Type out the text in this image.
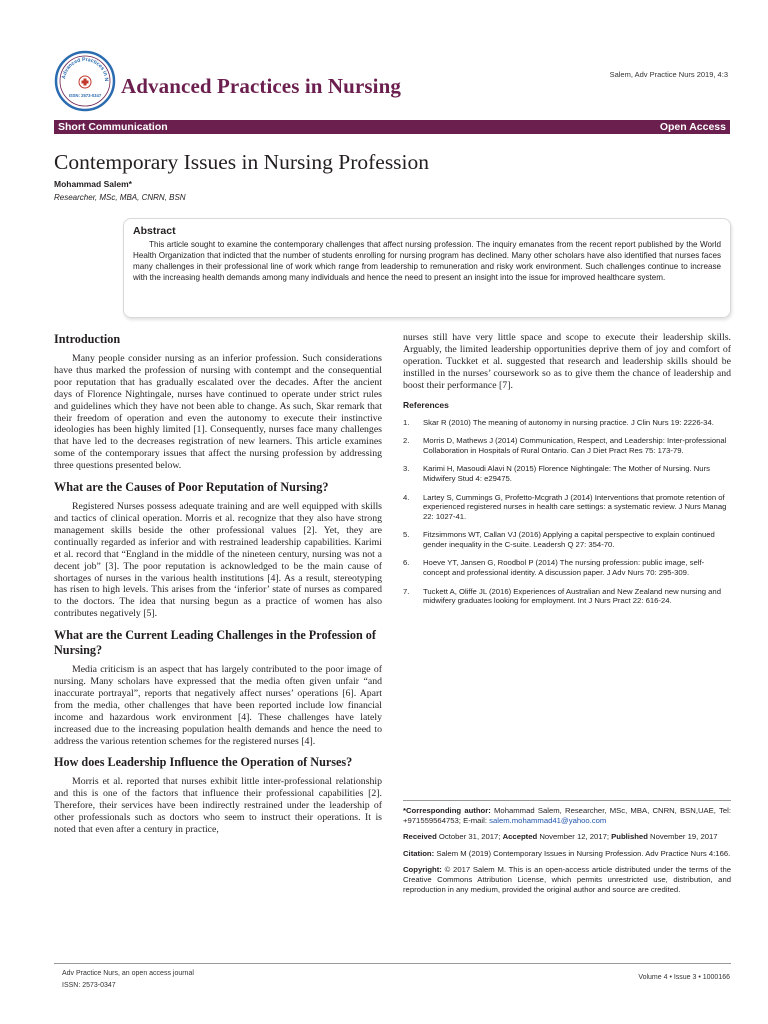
Advanced Practices in N
ISSN: 2573-0347 Advanced Practices in Nursing	Salem, Adv Practice Nurs 2019, 4:3
Short Communication	Open Access
Contemporary Issues in Nursing Profession
Mohammad Salem*
Researcher, MSc, MBA, CNRN, BSN
Abstract

This article sought to examine the contemporary challenges that affect nursing profession. The inquiry emanates from the recent report published by the World Health Organization that indicted that the number of students enrolling for nursing program has declined. Many other scholars have also identified that nurses faces many challenges in their professional line of work which range from leadership to remuneration and risky work environment. Such challenges continue to increase with the increasing health demands among many individuals and hence the need to present an insight into the issue for improved healthcare system.

Introduction

Many people consider nursing as an inferior profession. Such considerations have thus marked the profession of nursing with contempt and the consequential poor reputation that has gradually escalated over the decades. After the ancient days of Florence Nightingale, nurses have continued to operate under strict rules and guidelines which they have not been able to change. As such, Skar remark that their freedom of operation and even the autonomy to execute their instinctive ideologies has been highly limited [1]. Consequently, nurses face many challenges that have led to the decreases registration of new learners. This article examines some of the contemporary issues that affect the nursing profession by addressing three questions presented below.

What are the Causes of Poor Reputation of Nursing?

Registered Nurses possess adequate training and are well equipped with skills and tactics of clinical operation. Morris et al. recognize that they also have strong management skills beside the other professional values [2]. Yet, they are continually regarded as inferior and with restrained leadership capabilities. Karimi et al. record that “England in the middle of the nineteen century, nursing was not a decent job” [3]. The poor reputation is acknowledged to be the main cause of shortages of nurses in the various health institutions [4]. As a result, stereotyping has risen to high levels. This arises from the ‘inferior’ state of nurses as compared to the doctors. The idea that nursing begun as a practice of women has also contributes negatively [5].

What are the Current Leading Challenges in the Profession of Nursing?

Media criticism is an aspect that has largely contributed to the poor image of nursing. Many scholars have expressed that the media often given unfair “and inaccurate portrayal”, reports that negatively affect nurses’ operations [6]. Apart from the media, other challenges that have been reported include low financial income and hazardous work environment [4]. These challenges have lately increased due to the increasing population health demands and hence the need to address the various retention schemes for the registered nurses [4].

How does Leadership Influence the Operation of Nurses?

Morris et al. reported that nurses exhibit little inter-professional relationship and this is one of the factors that influence their professional capabilities [2]. Therefore, their services have been indirectly restrained under the leadership of other professionals such as doctors who seem to instruct their operations. It is noted that even after a century in practice,

nurses still have very little space and scope to execute their leadership skills. Arguably, the limited leadership opportunities deprive them of joy and comfort of operation. Tuckket et al. suggested that research and leadership skills should be instilled in the nurses’ coursework so as to give them the chance of leadership and boost their performance [7].

References
1. Skar R (2010) The meaning of autonomy in nursing practice. J Clin Nurs 19: 2226-34.
2. Morris D, Mathews J (2014) Communication, Respect, and Leadership: Inter-professional Collaboration in Hospitals of Rural Ontario. Can J Diet Pract Res 75: 173-79.
3. Karimi H, Masoudi Alavi N (2015) Florence Nightingale: The Mother of Nursing. Nurs Midwifery Stud 4: e29475.
4. Lartey S, Cummings G, Profetto-Mcgrath J (2014) Interventions that promote retention of experienced registered nurses in health care settings: a systematic review. J Nurs Manag 22: 1027-41.
5. Fitzsimmons WT, Callan VJ (2016) Applying a capital perspective to explain continued gender inequality in the C-suite. Leadersh Q 27: 354-70.
6. Hoeve YT, Jansen G, Roodbol P (2014) The nursing profession: public image, self-concept and professional identity. A discussion paper. J Adv Nurs 70: 295-309.
7. Tuckett A, Oliffe JL (2016) Experiences of Australian and New Zealand new nursing and midwifery graduates looking for employment. Int J Nurs Pract 22: 616-24.

*Corresponding author: Mohammad Salem, Researcher, MSc, MBA, CNRN, BSN,UAE, Tel: +971559564753; E-mail: salem.mohammad41@yahoo.com

Received October 31, 2017; Accepted November 12, 2017; Published November 19, 2017

Citation: Salem M (2019) Contemporary Issues in Nursing Profession. Adv Practice Nurs 4:166.

Copyright: © 2017 Salem M. This is an open-access article distributed under the terms of the Creative Commons Attribution License, which permits unrestricted use, distribution, and reproduction in any medium, provided the original author and source are credited.

Adv Practice Nurs, an open access journal
ISSN: 2573-0347
Volume 4 • Issue 3 • 1000166
